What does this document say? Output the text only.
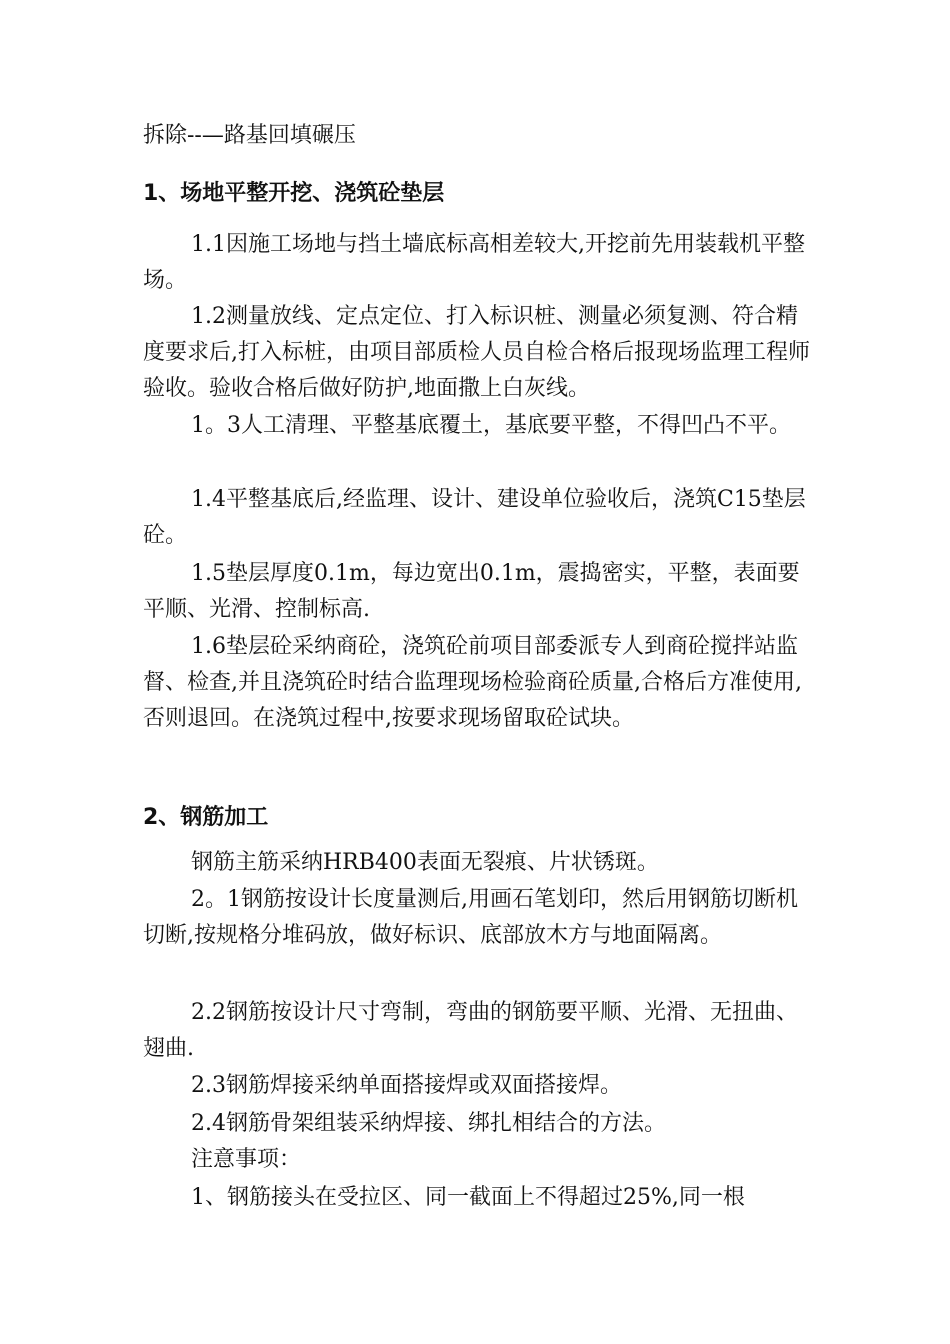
拆除--—路基回填碾压

1、场地平整开挖、浇筑砼垫层

1.1因施工场地与挡土墙底标高相差较大,开挖前先用装载机平整场。

1.2测量放线、定点定位、打入标识桩、测量必须复测、符合精度要求后,打入标桩，由项目部质检人员自检合格后报现场监理工程师验收。验收合格后做好防护,地面撒上白灰线。

1。3人工清理、平整基底覆土，基底要平整，不得凹凸不平。

1.4平整基底后,经监理、设计、建设单位验收后，浇筑C15垫层砼。

1.5垫层厚度0.1m，每边宽出0.1m，震捣密实，平整，表面要平顺、光滑、控制标高.

1.6垫层砼采纳商砼，浇筑砼前项目部委派专人到商砼搅拌站监督、检查,并且浇筑砼时结合监理现场检验商砼质量,合格后方准使用,否则退回。在浇筑过程中,按要求现场留取砼试块。

2、钢筋加工

钢筋主筋采纳HRB400表面无裂痕、片状锈斑。

2。1钢筋按设计长度量测后,用画石笔划印，然后用钢筋切断机切断,按规格分堆码放，做好标识、底部放木方与地面隔离。

2.2钢筋按设计尺寸弯制，弯曲的钢筋要平顺、光滑、无扭曲、翅曲.

2.3钢筋焊接采纳单面搭接焊或双面搭接焊。

2.4钢筋骨架组装采纳焊接、绑扎相结合的方法。

注意事项：

1、钢筋接头在受拉区、同一截面上不得超过25%,同一根
